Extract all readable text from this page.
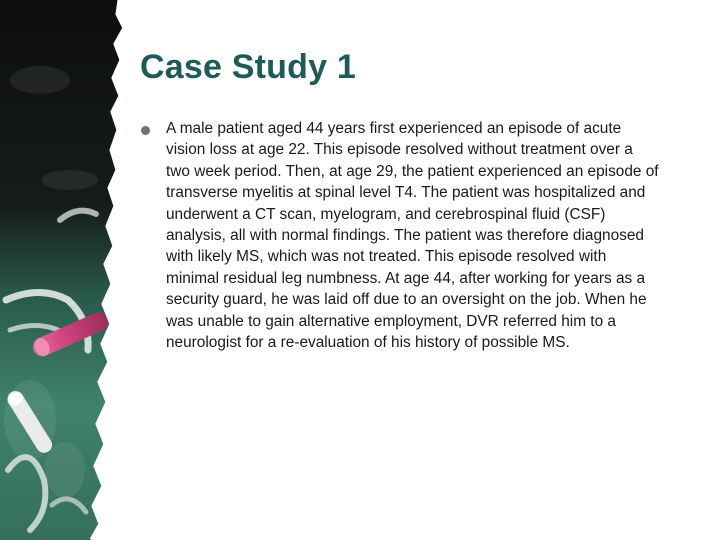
Case Study 1
A male patient aged 44 years first experienced an episode of acute vision loss at age 22. This episode resolved without treatment over a two week period. Then, at age 29, the patient experienced an episode of transverse myelitis at spinal level T4. The patient was hospitalized and underwent a CT scan, myelogram, and cerebrospinal fluid (CSF) analysis, all with normal findings. The patient was therefore diagnosed with likely MS, which was not treated. This episode resolved with minimal residual leg numbness. At age 44, after working for years as a security guard, he was laid off due to an oversight on the job. When he was unable to gain alternative employment, DVR referred him to a neurologist for a re-evaluation of his history of possible MS.
